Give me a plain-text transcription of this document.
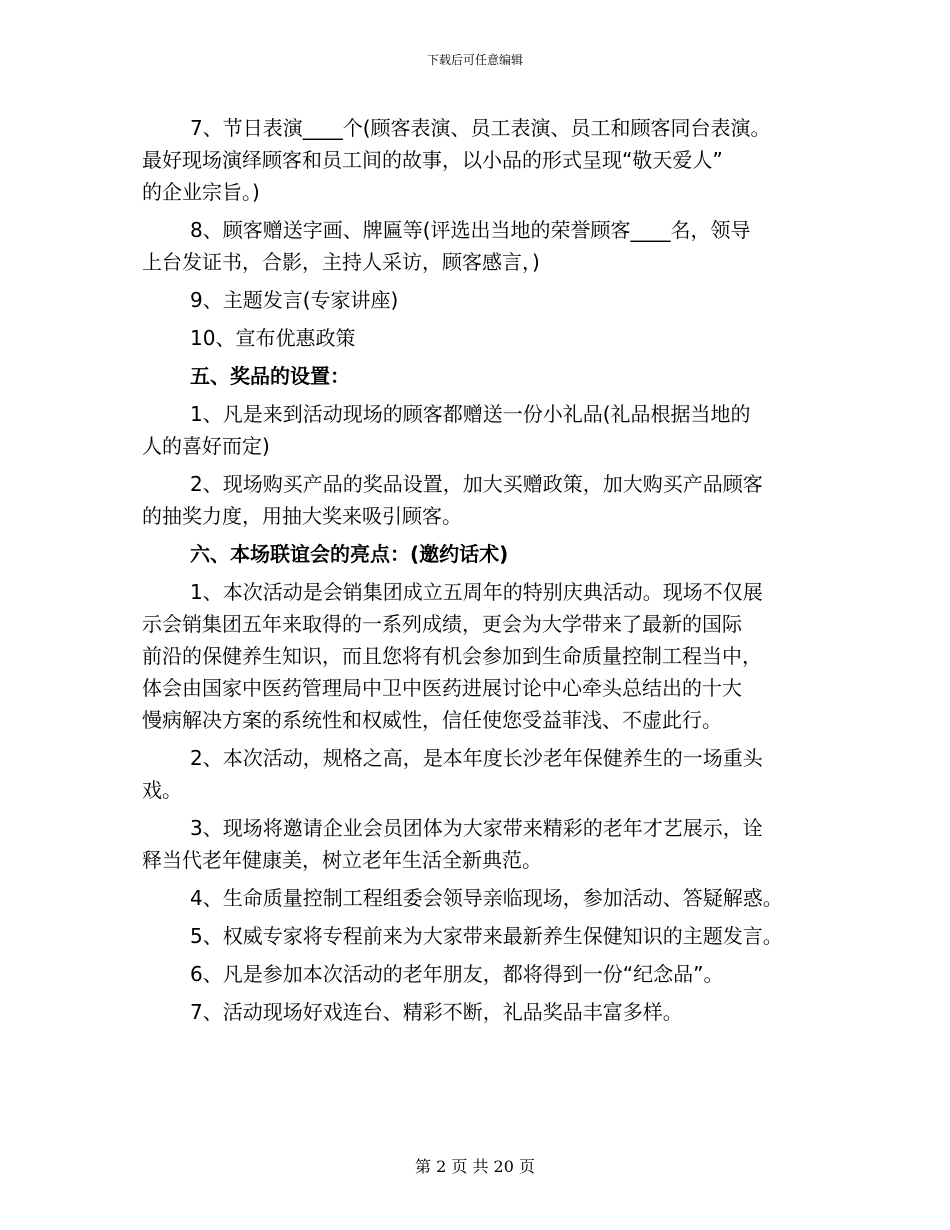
下载后可任意编辑
7、节日表演____个(顾客表演、员工表演、员工和顾客同台表演。
最好现场演绎顾客和员工间的故事，以小品的形式呈现“敬天爱人”
的企业宗旨。)
8、顾客赠送字画、牌匾等(评选出当地的荣誉顾客____名，领导
上台发证书，合影，主持人采访，顾客感言，)
9、主题发言(专家讲座)
10、宣布优惠政策
五、奖品的设置：
1、凡是来到活动现场的顾客都赠送一份小礼品(礼品根据当地的
人的喜好而定)
2、现场购买产品的奖品设置，加大买赠政策，加大购买产品顾客
的抽奖力度，用抽大奖来吸引顾客。
六、本场联谊会的亮点：(邀约话术)
1、本次活动是会销集团成立五周年的特别庆典活动。现场不仅展
示会销集团五年来取得的一系列成绩，更会为大学带来了最新的国际
前沿的保健养生知识，而且您将有机会参加到生命质量控制工程当中，
体会由国家中医药管理局中卫中医药进展讨论中心牵头总结出的十大
慢病解决方案的系统性和权威性，信任使您受益菲浅、不虚此行。
2、本次活动，规格之高，是本年度长沙老年保健养生的一场重头
戏。
3、现场将邀请企业会员团体为大家带来精彩的老年才艺展示，诠
释当代老年健康美，树立老年生活全新典范。
4、生命质量控制工程组委会领导亲临现场，参加活动、答疑解惑。
5、权威专家将专程前来为大家带来最新养生保健知识的主题发言。
6、凡是参加本次活动的老年朋友，都将得到一份“纪念品”。
7、活动现场好戏连台、精彩不断，礼品奖品丰富多样。
第 2 页 共 20 页
